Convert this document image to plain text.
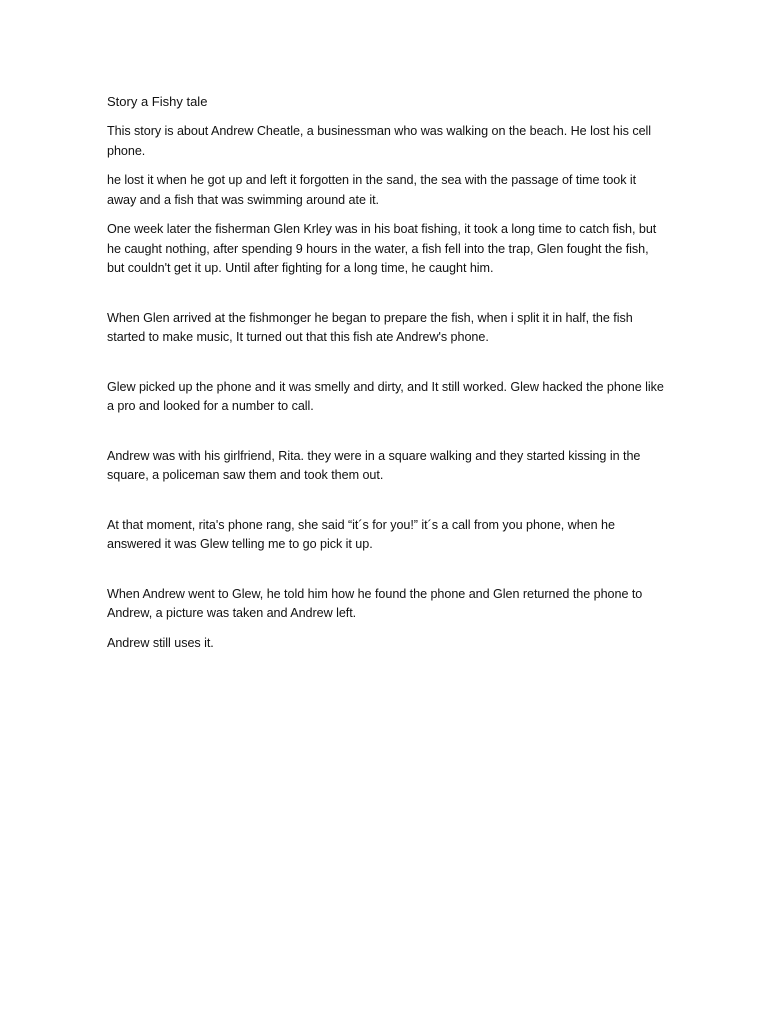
Story a Fishy tale

This story is about Andrew Cheatle, a businessman who was walking on the beach. He lost his cell phone.

he lost it when he got up and left it forgotten in the sand, the sea with the passage of time took it away and a fish that was swimming around ate it.

One week later the fisherman Glen Krley was in his boat fishing, it took a long time to catch fish, but he caught nothing, after spending 9 hours in the water, a fish fell into the trap, Glen fought the fish, but couldn't get it up. Until after fighting for a long time, he caught him.

When Glen arrived at the fishmonger he began to prepare the fish, when i split it in half, the fish started to make music, It turned out that this fish ate Andrew's phone.

Glew picked up the phone and it was smelly and dirty, and It still worked. Glew hacked the phone like a pro and looked for a number to call.

Andrew was with his girlfriend, Rita. they were in a square walking and they started kissing in the square, a policeman saw them and took them out.

At that moment, rita's phone rang, she said “it´s for you!” it´s a call from you phone, when he answered it was Glew telling me to go pick it up.

When Andrew went to Glew, he told him how he found the phone and Glen returned the phone to Andrew, a picture was taken and Andrew left.

Andrew still uses it.
